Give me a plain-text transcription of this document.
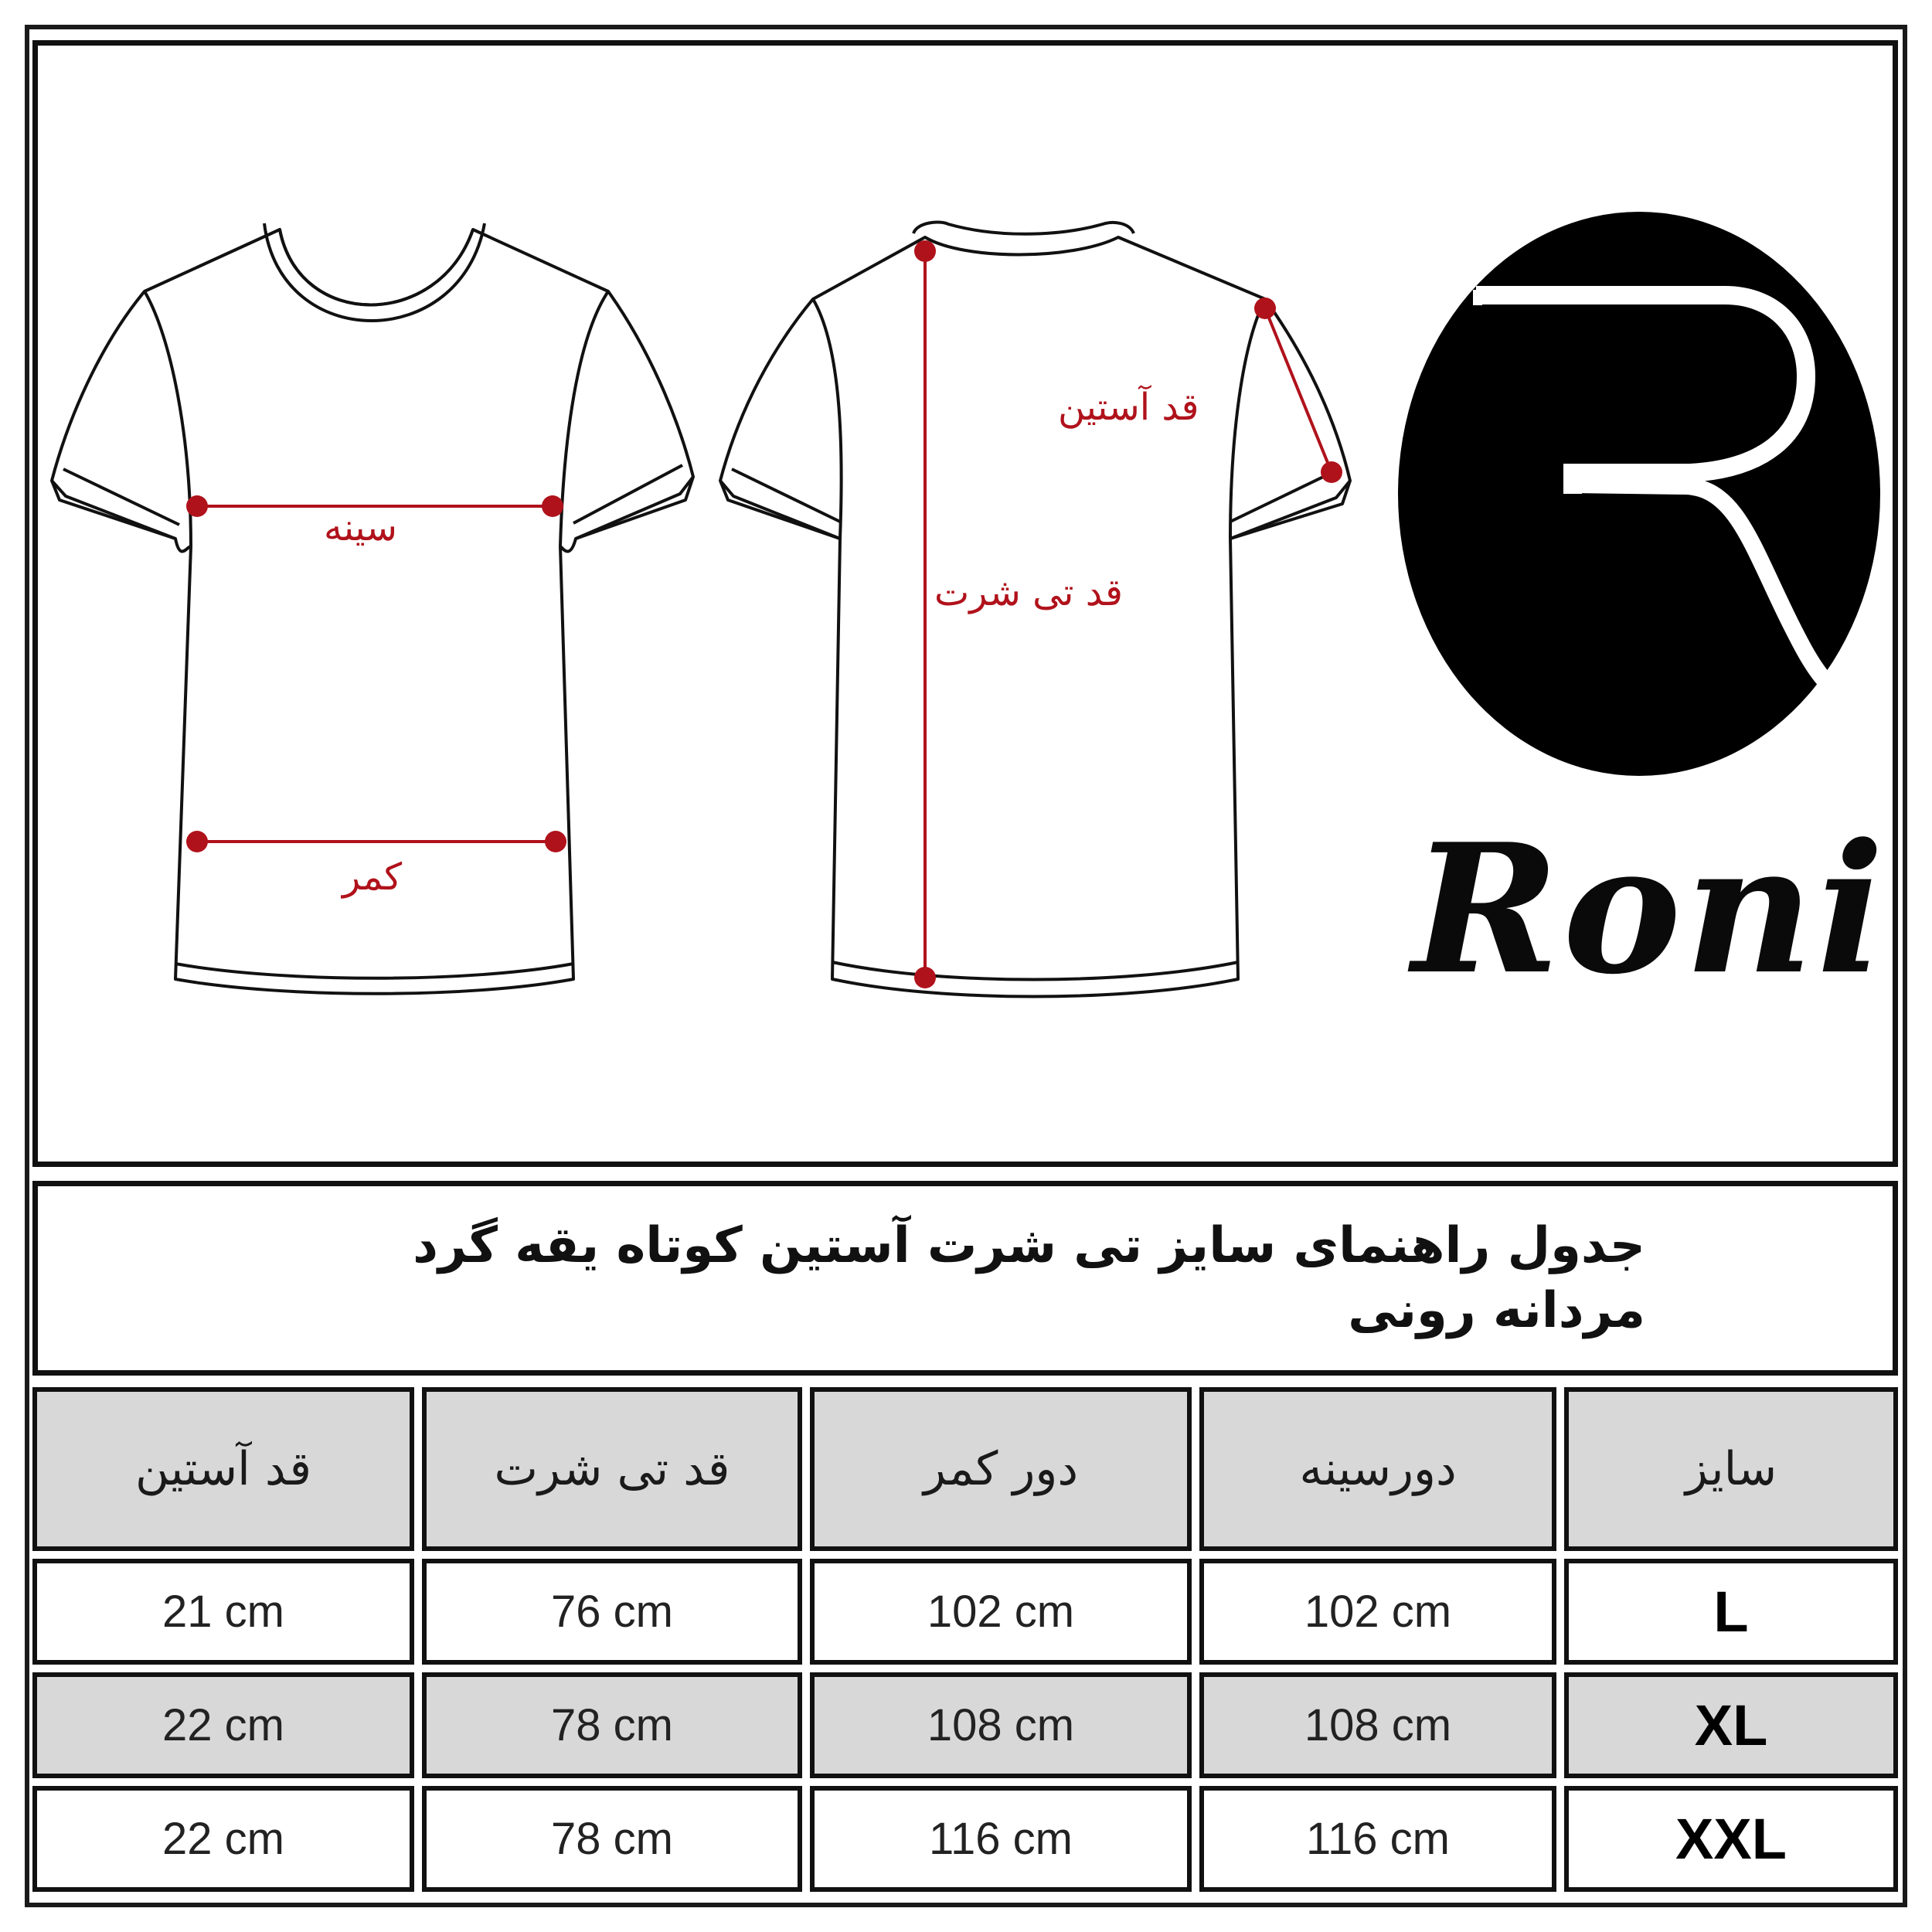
سینه
کمر
قد آستین
قد تی شرت
Roni
جدول راهنمای سایز تی شرت آستین کوتاه یقه گرد مردانه رونی
قد آستین	قد تی شرت	دور کمر	دورسینه	سایز
21 cm	76 cm	102 cm	102 cm	L
22 cm	78 cm	108 cm	108 cm	XL
22 cm	78 cm	116 cm	116 cm	XXL
